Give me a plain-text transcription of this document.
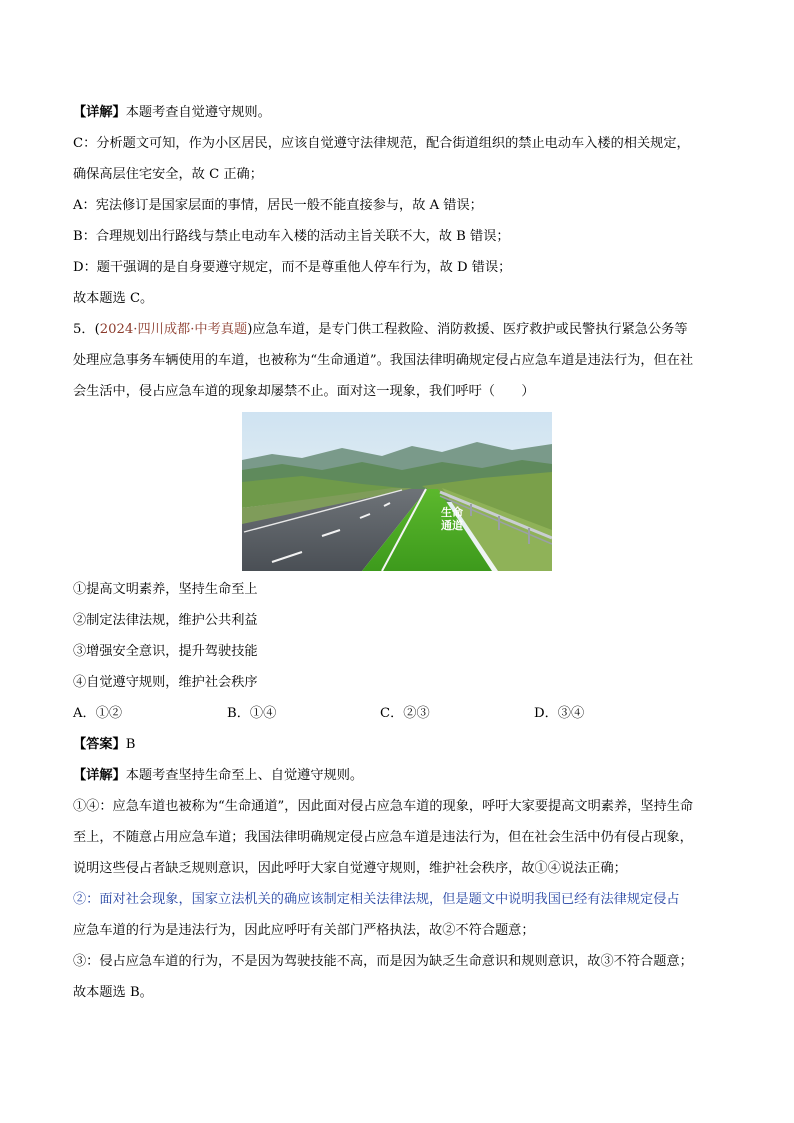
【详解】本题考查自觉遵守规则。
C：分析题文可知，作为小区居民，应该自觉遵守法律规范，配合街道组织的禁止电动车入楼的相关规定，
确保高层住宅安全，故 C 正确；
A：宪法修订是国家层面的事情，居民一般不能直接参与，故 A 错误；
B：合理规划出行路线与禁止电动车入楼的活动主旨关联不大，故 B 错误；
D：题干强调的是自身要遵守规定，而不是尊重他人停车行为，故 D 错误；
故本题选 C。
5．(2024·四川成都·中考真题)应急车道，是专门供工程救险、消防救援、医疗救护或民警执行紧急公务等
处理应急事务车辆使用的车道，也被称为“生命通道”。我国法律明确规定侵占应急车道是违法行为，但在社
会生活中，侵占应急车道的现象却屡禁不止。面对这一现象，我们呼吁（　　）
生命通道
①提高文明素养，坚持生命至上
②制定法律法规，维护公共利益
③增强安全意识，提升驾驶技能
④自觉遵守规则，维护社会秩序
A．①②	B．①④	C．②③	D．③④
【答案】B
【详解】本题考查坚持生命至上、自觉遵守规则。
①④：应急车道也被称为“生命通道”，因此面对侵占应急车道的现象，呼吁大家要提高文明素养，坚持生命
至上，不随意占用应急车道；我国法律明确规定侵占应急车道是违法行为，但在社会生活中仍有侵占现象，
说明这些侵占者缺乏规则意识，因此呼吁大家自觉遵守规则，维护社会秩序，故①④说法正确；
②：面对社会现象，国家立法机关的确应该制定相关法律法规，但是题文中说明我国已经有法律规定侵占
应急车道的行为是违法行为，因此应呼吁有关部门严格执法，故②不符合题意；
③：侵占应急车道的行为，不是因为驾驶技能不高，而是因为缺乏生命意识和规则意识，故③不符合题意；
故本题选 B。
